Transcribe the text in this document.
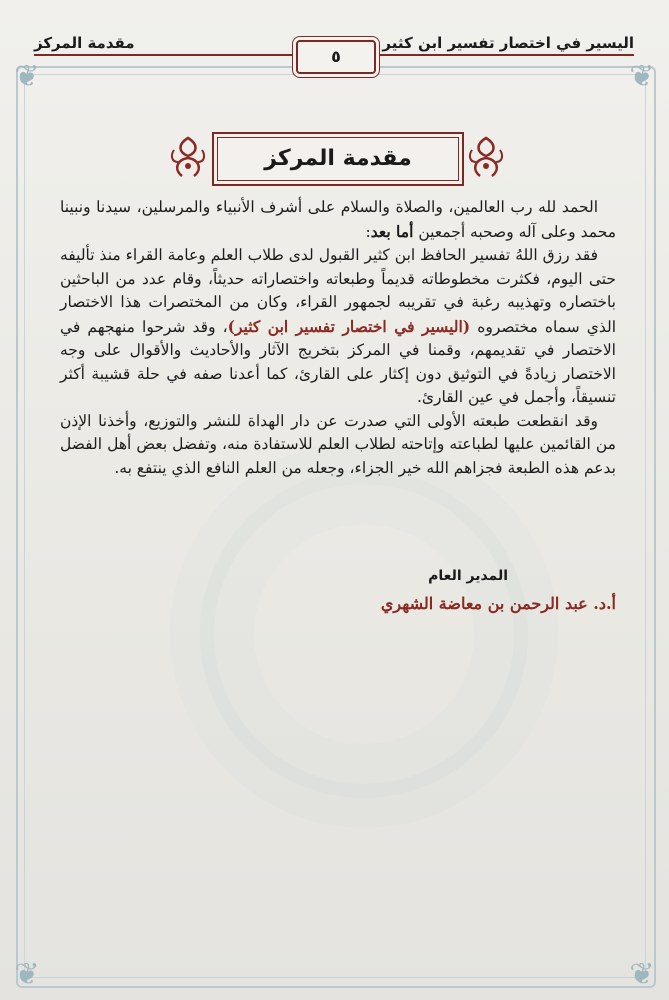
❦	❦
❦	❦
اليسير في اختصار تفسير ابن كثير
مقدمة المركز
٥
مقدمة المركز

الحمد لله رب العالمين، والصلاة والسلام على أشرف الأنبياء والمرسلين، سيدنا ونبينا محمد وعلى آله وصحبه أجمعين أما بعد:

فقد رزق اللهُ تفسير الحافظ ابن كثير القبول لدى طلاب العلم وعامة القراء منذ تأليفه حتى اليوم، فكثرت مخطوطاته قديماً وطبعاته واختصاراته حديثاً، وقام عدد من الباحثين باختصاره وتهذيبه رغبة في تقريبه لجمهور القراء، وكان من المختصرات هذا الاختصار الذي سماه مختصروه (اليسير في اختصار تفسير ابن كثير)، وقد شرحوا منهجهم في الاختصار في تقديمهم، وقمنا في المركز بتخريج الآثار والأحاديث والأقوال على وجه الاختصار زيادةً في التوثيق دون إكثار على القارئ، كما أعدنا صفه في حلة قشيبة أكثر تنسيقاً، وأجمل في عين القارئ.

وقد انقطعت طبعته الأولى التي صدرت عن دار الهداة للنشر والتوزيع، وأخذنا الإذن من القائمين عليها لطباعته وإتاحته لطلاب العلم للاستفادة منه، وتفضل بعض أهل الفضل بدعم هذه الطبعة فجزاهم الله خير الجزاء، وجعله من العلم النافع الذي ينتفع به.

المدير العام
أ.د. عبد الرحمن بن معاضة الشهري
